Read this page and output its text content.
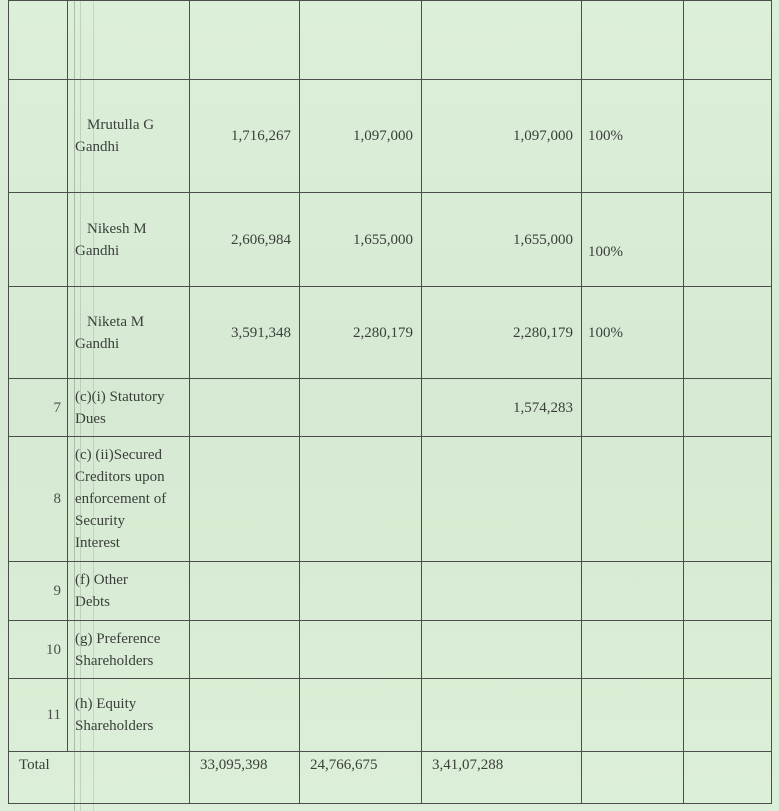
	Mrutulla G
Gandhi	1,716,267	1,097,000	1,097,000	100%	

	Nikesh M
Gandhi	2,606,984	1,655,000	1,655,000	100%	

	Niketa M
Gandhi	3,591,348	2,280,179	2,280,179	100%	
7	(c)(i) Statutory
Dues			1,574,283		
8	(c) (ii)Secured
Creditors upon
enforcement of
Security
Interest					

9	(f) Other
Debts					

10	(g) Preference
Shareholders					

11	(h) Equity
Shareholders					

Total		33,095,398	24,766,675	3,41,07,288		
